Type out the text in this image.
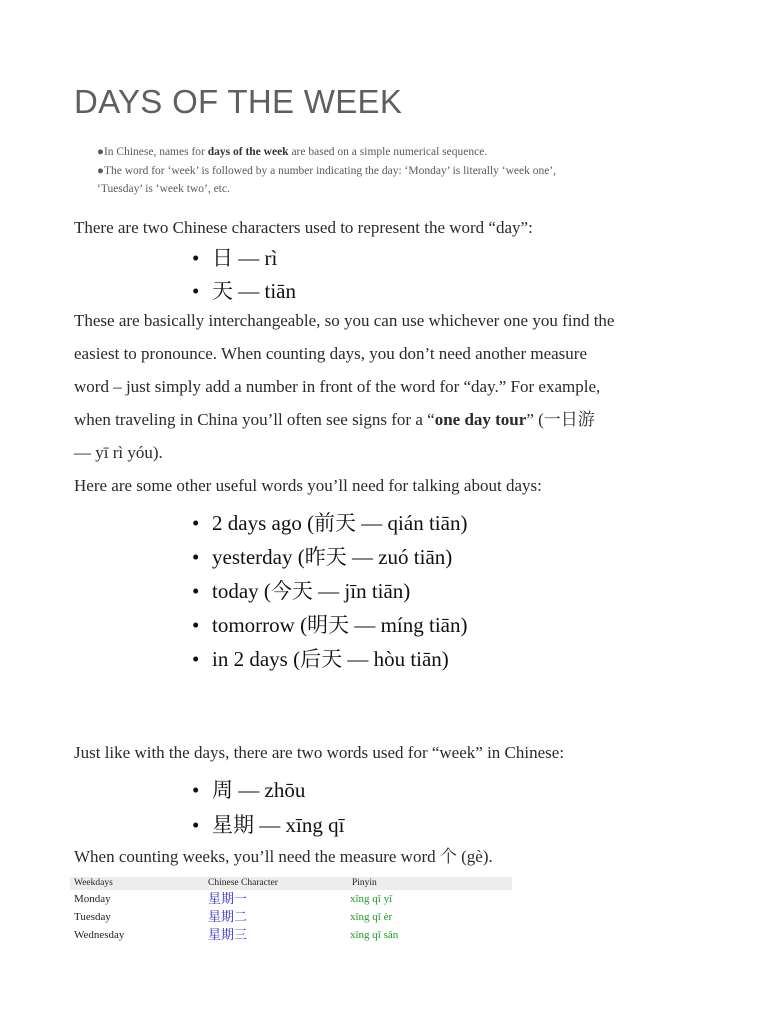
DAYS OF THE WEEK
●In Chinese, names for days of the week are based on a simple numerical sequence.
●The word for ‘week’ is followed by a number indicating the day: ‘Monday’ is literally ‘week one’,
‘Tuesday’ is ‘week two’, etc.
There are two Chinese characters used to represent the word “day”:
• 日 — rì
• 天 — tiān
These are basically interchangeable, so you can use whichever one you find the
easiest to pronounce. When counting days, you don’t need another measure
word – just simply add a number in front of the word for “day.” For example,
when traveling in China you’ll often see signs for a “one day tour” (一日游
— yī rì yóu).
Here are some other useful words you’ll need for talking about days:
• 2 days ago (前天 — qián tiān)
• yesterday (昨天 — zuó tiān)
• today (今天 — jīn tiān)
• tomorrow (明天 — míng tiān)
• in 2 days (后天 — hòu tiān)
Just like with the days, there are two words used for “week” in Chinese:
• 周 — zhōu
• 星期 — xīng qī
When counting weeks, you’ll need the measure word 个 (gè).
Weekdays	Chinese Character	Pinyin
Monday	星期一	xīng qī yī
Tuesday	星期二	xīng qī èr
Wednesday	星期三	xīng qī sān
